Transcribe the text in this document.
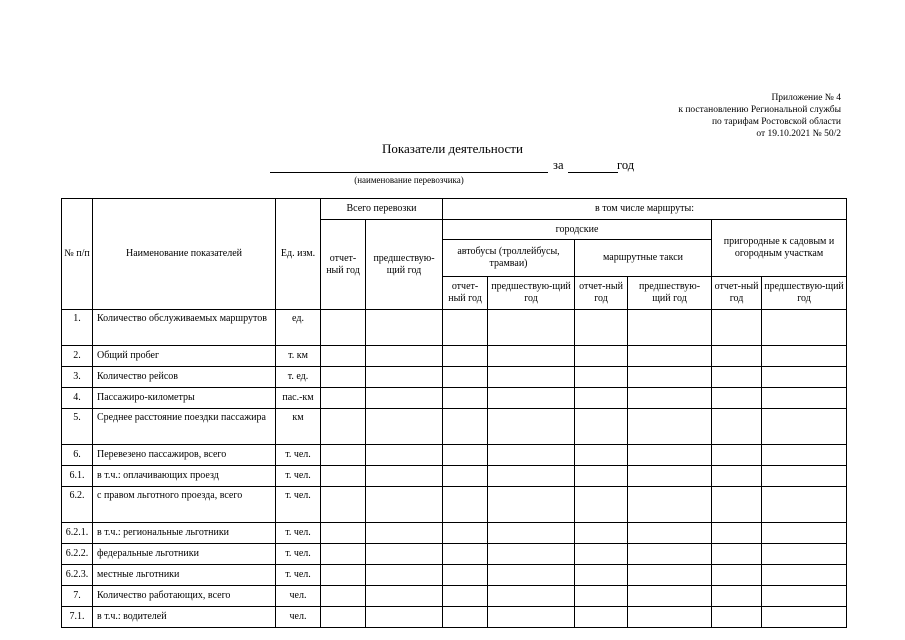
Приложение № 4
к постановлению Региональной службы
по тарифам Ростовской области
от 19.10.2021 № 50/2
Показатели деятельности
за	год
(наименование перевозчика)
№ п/п	Наименование показателей	Ед. изм.	Всего перевозки		в том числе маршруты:					
			отчет-ный год	предшествую-щий год	городские				пригородные к садовым и огородным участкам	
					автобусы (троллейбусы, трамваи)		маршрутные такси			
					отчет-ный год	предшествую-щий год	отчет-ный год	предшествую-щий год	отчет-ный год	предшествую-щий год
1.	Количество обслуживаемых маршрутов	ед.								
2.	Общий пробег	т. км								
3.	Количество рейсов	т. ед.								
4.	Пассажиро-километры	пас.-км								
5.	Среднее расстояние поездки пассажира	км								
6.	Перевезено пассажиров, всего	т. чел.								
6.1.	в т.ч.: оплачивающих проезд	т. чел.								
6.2.	с правом льготного проезда, всего	т. чел.								
6.2.1.	в т.ч.: региональные льготники	т. чел.								
6.2.2.	федеральные льготники	т. чел.								
6.2.3.	местные льготники	т. чел.								
7.	Количество работающих, всего	чел.								
7.1.	в т.ч.: водителей	чел.								
